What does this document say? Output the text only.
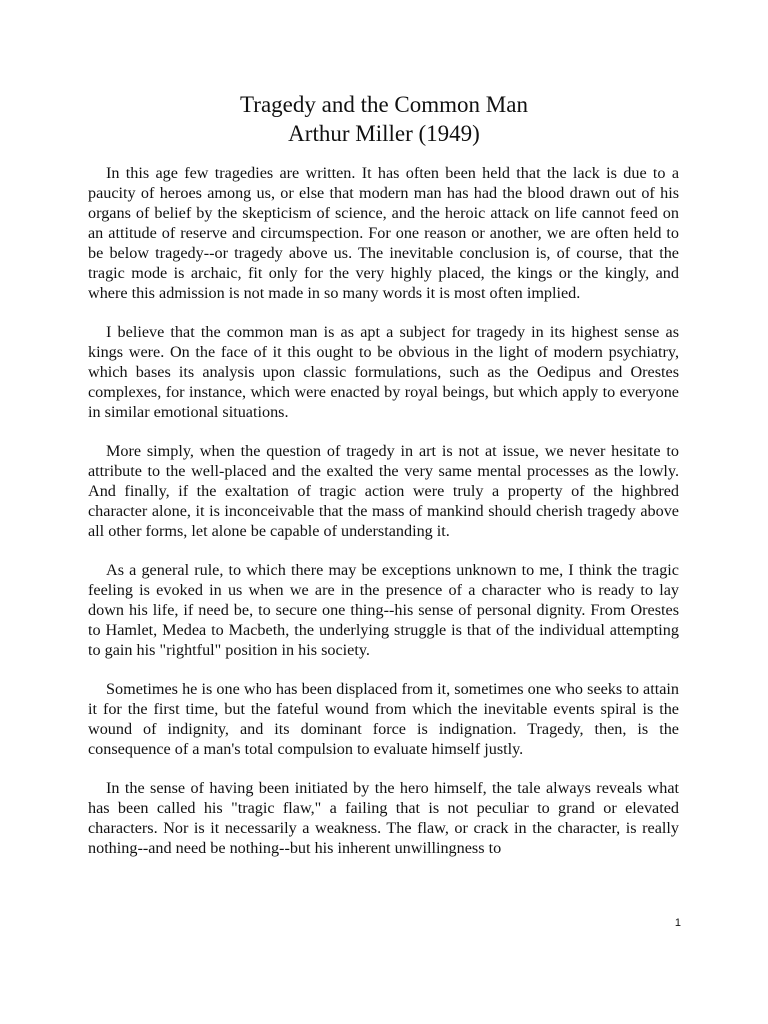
Tragedy and the Common Man
Arthur Miller (1949)

In this age few tragedies are written. It has often been held that the lack is due to a paucity of heroes among us, or else that modern man has had the blood drawn out of his organs of belief by the skepticism of science, and the heroic attack on life cannot feed on an attitude of reserve and circumspection. For one reason or another, we are often held to be below tragedy--or tragedy above us. The inevitable conclusion is, of course, that the tragic mode is archaic, fit only for the very highly placed, the kings or the kingly, and where this admission is not made in so many words it is most often implied.

I believe that the common man is as apt a subject for tragedy in its highest sense as kings were. On the face of it this ought to be obvious in the light of modern psychiatry, which bases its analysis upon classic formulations, such as the Oedipus and Orestes complexes, for instance, which were enacted by royal beings, but which apply to everyone in similar emotional situations.

More simply, when the question of tragedy in art is not at issue, we never hesitate to attribute to the well-placed and the exalted the very same mental processes as the lowly. And finally, if the exaltation of tragic action were truly a property of the highbred character alone, it is inconceivable that the mass of mankind should cherish tragedy above all other forms, let alone be capable of understanding it.

As a general rule, to which there may be exceptions unknown to me, I think the tragic feeling is evoked in us when we are in the presence of a character who is ready to lay down his life, if need be, to secure one thing--his sense of personal dignity. From Orestes to Hamlet, Medea to Macbeth, the underlying struggle is that of the individual attempting to gain his "rightful" position in his society.

Sometimes he is one who has been displaced from it, sometimes one who seeks to attain it for the first time, but the fateful wound from which the inevitable events spiral is the wound of indignity, and its dominant force is indignation. Tragedy, then, is the consequence of a man's total compulsion to evaluate himself justly.

In the sense of having been initiated by the hero himself, the tale always reveals what has been called his "tragic flaw," a failing that is not peculiar to grand or elevated characters. Nor is it necessarily a weakness. The flaw, or crack in the character, is really nothing--and need be nothing--but his inherent unwillingness to

1
